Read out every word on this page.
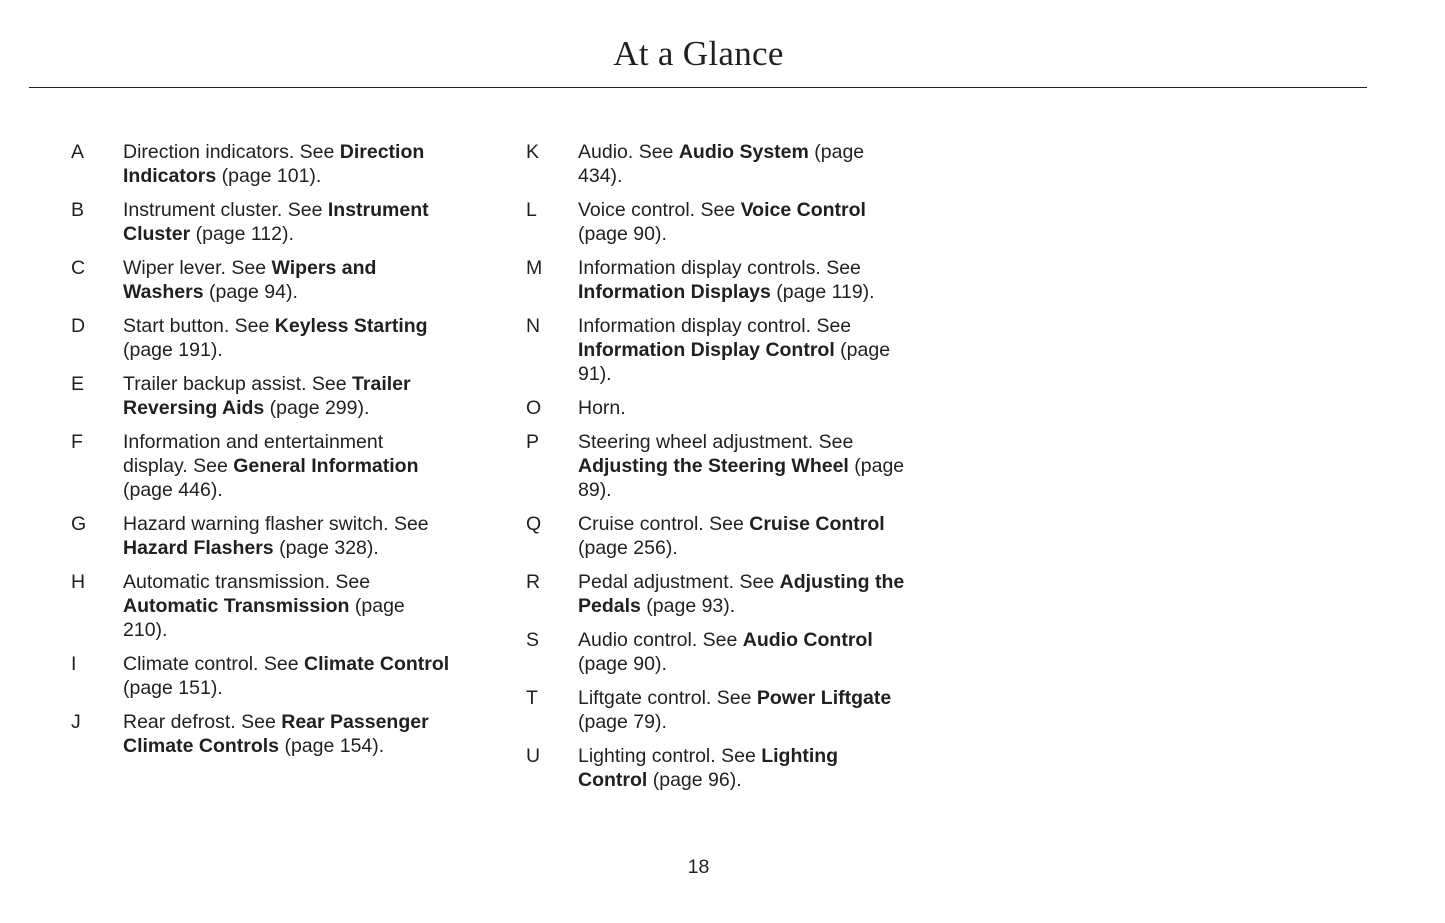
At a Glance
A	Direction indicators. See Direction Indicators (page 101).
B	Instrument cluster. See Instrument Cluster (page 112).
C	Wiper lever. See Wipers and Washers (page 94).
D	Start button. See Keyless Starting (page 191).
E	Trailer backup assist. See Trailer Reversing Aids (page 299).
F	Information and entertainment display. See General Information (page 446).
G	Hazard warning flasher switch. See Hazard Flashers (page 328).
H	Automatic transmission. See Automatic Transmission (page 210).
I	Climate control. See Climate Control (page 151).
J	Rear defrost. See Rear Passenger Climate Controls (page 154).
K	Audio. See Audio System (page 434).
L	Voice control. See Voice Control (page 90).
M	Information display controls. See Information Displays (page 119).
N	Information display control. See Information Display Control (page 91).
O	Horn.
P	Steering wheel adjustment. See Adjusting the Steering Wheel (page 89).
Q	Cruise control. See Cruise Control (page 256).
R	Pedal adjustment. See Adjusting the Pedals (page 93).
S	Audio control. See Audio Control (page 90).
T	Liftgate control. See Power Liftgate (page 79).
U	Lighting control. See Lighting Control (page 96).
18
